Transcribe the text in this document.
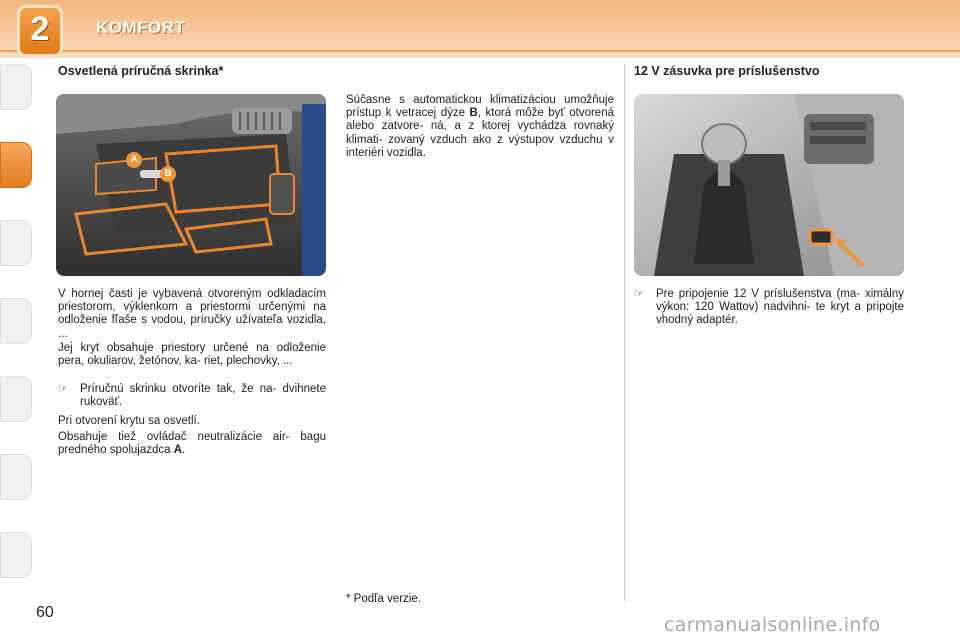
2	KOMFORT
Osvetlená príručná skrinka*
A
B
V hornej časti je vybavená otvoreným odkladacím priestorom, výklenkom a priestormi určenými na odloženie fľaše s vodou, príručky užívateľa vozidla, ...
Jej kryt obsahuje priestory určené na odloženie pera, okuliarov, žetónov, ka- riet, plechovky, ...
☞ Príručnú skrinku otvoríte tak, že na- dvihnete rukoväť.
Pri otvorení krytu sa osvetlí.
Obsahuje tiež ovládač neutralizácie air- bagu predného spolujazdca A.
Súčasne s automatickou klimatizáciou umožňuje prístup k vetracej dýze B, ktorá môže byť otvorená alebo zatvore- ná, a z ktorej vychádza rovnaký klimati- zovaný vzduch ako z výstupov vzduchu v interiéri vozidla.
12 V zásuvka pre príslušenstvo
☞ Pre pripojenie 12 V príslušenstva (ma- ximálny výkon: 120 Wattov) nadvihni- te kryt a pripojte vhodný adaptér.
* Podľa verzie.
60
carmanualsonline.info
